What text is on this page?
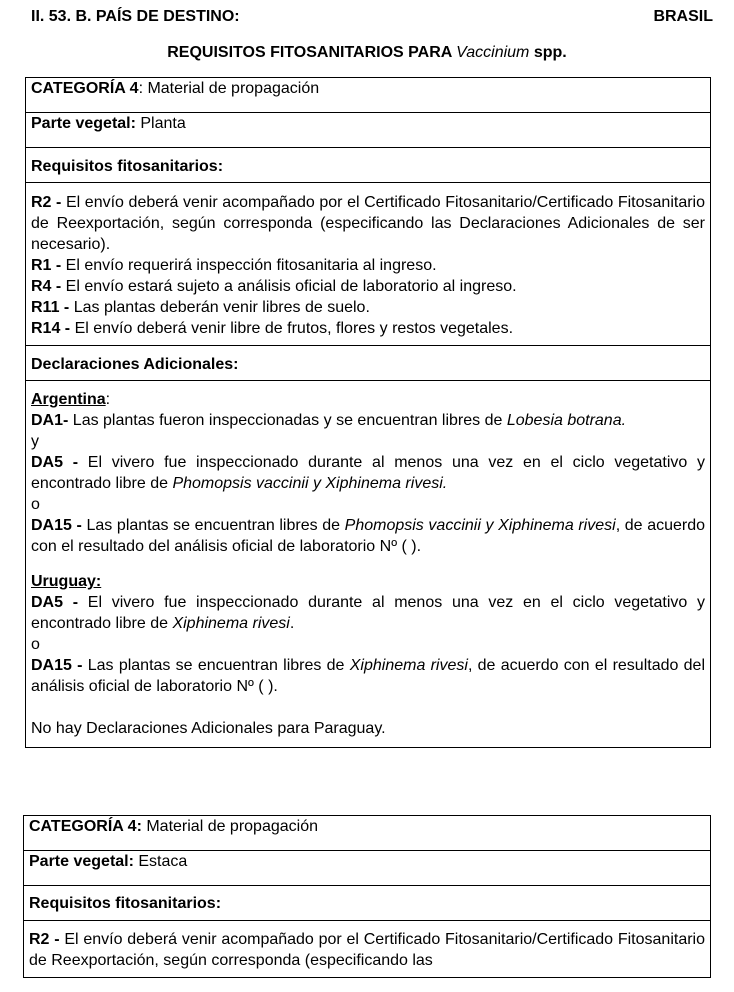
II. 53. B. PAÍS DE DESTINO:	BRASIL
REQUISITOS FITOSANITARIOS PARA Vaccinium spp.
CATEGORÍA 4: Material de propagación
Parte vegetal: Planta
Requisitos fitosanitarios:

R2 - El envío deberá venir acompañado por el Certificado Fitosanitario/Certificado Fitosanitario de Reexportación, según corresponda (especificando las Declaraciones Adicionales de ser necesario).
R1 - El envío requerirá inspección fitosanitaria al ingreso.
R4 - El envío estará sujeto a análisis oficial de laboratorio al ingreso.
R11 - Las plantas deberán venir libres de suelo.
R14 - El envío deberá venir libre de frutos, flores y restos vegetales.

Declaraciones Adicionales:

Argentina:
DA1- Las plantas fueron inspeccionadas y se encuentran libres de Lobesia botrana.
y
DA5 - El vivero fue inspeccionado durante al menos una vez en el ciclo vegetativo y encontrado libre de Phomopsis vaccinii y Xiphinema rivesi.
o
DA15 - Las plantas se encuentran libres de Phomopsis vaccinii y Xiphinema rivesi, de acuerdo con el resultado del análisis oficial de laboratorio Nº ( ).
Uruguay:
DA5 - El vivero fue inspeccionado durante al menos una vez en el ciclo vegetativo y encontrado libre de Xiphinema rivesi.
o
DA15 - Las plantas se encuentran libres de Xiphinema rivesi, de acuerdo con el resultado del análisis oficial de laboratorio Nº ( ).
No hay Declaraciones Adicionales para Paraguay.
CATEGORÍA 4: Material de propagación
Parte vegetal: Estaca
Requisitos fitosanitarios:

R2 - El envío deberá venir acompañado por el Certificado Fitosanitario/Certificado Fitosanitario de Reexportación, según corresponda (especificando las
